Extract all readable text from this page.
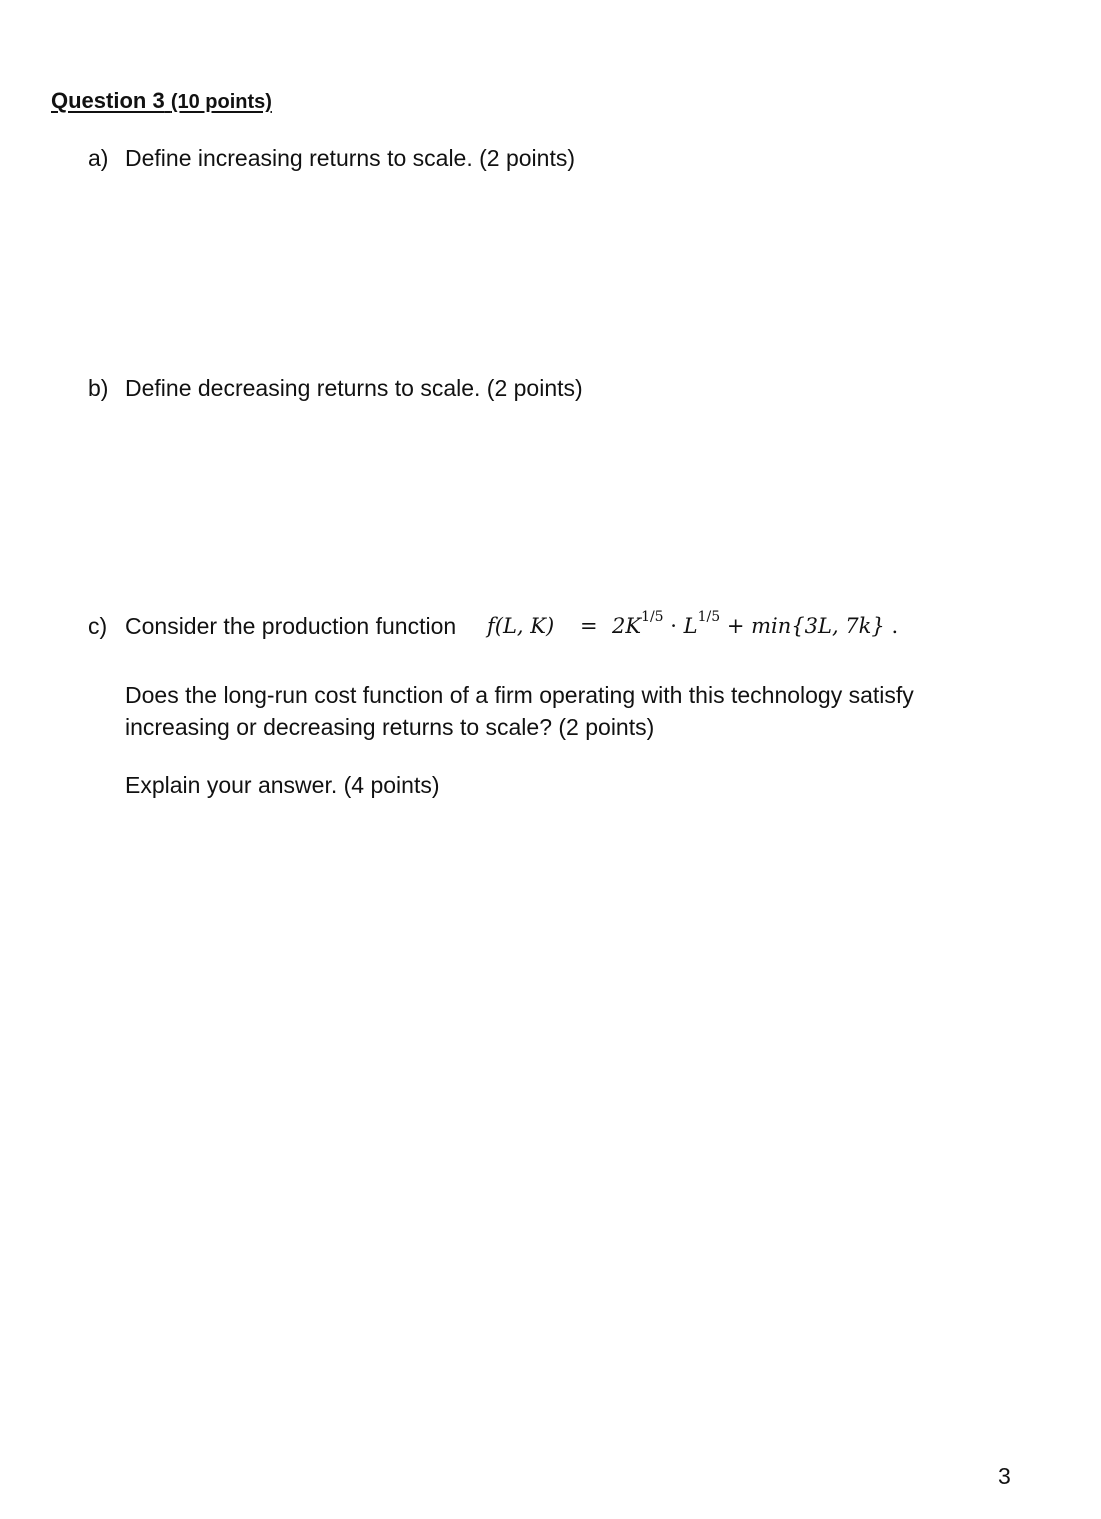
Question 3 (10 points)
a) Define increasing returns to scale. (2 points)
b) Define decreasing returns to scale. (2 points)
c) Consider the production function f(L, $K) = 2K^{1/5} \cdot L^{1/5} + \min\{3L$, 7k} .
Does the long-run cost function of a firm operating with this technology satisfy
increasing or decreasing returns to scale? (2 points)
Explain your answer. (4 points)
3
